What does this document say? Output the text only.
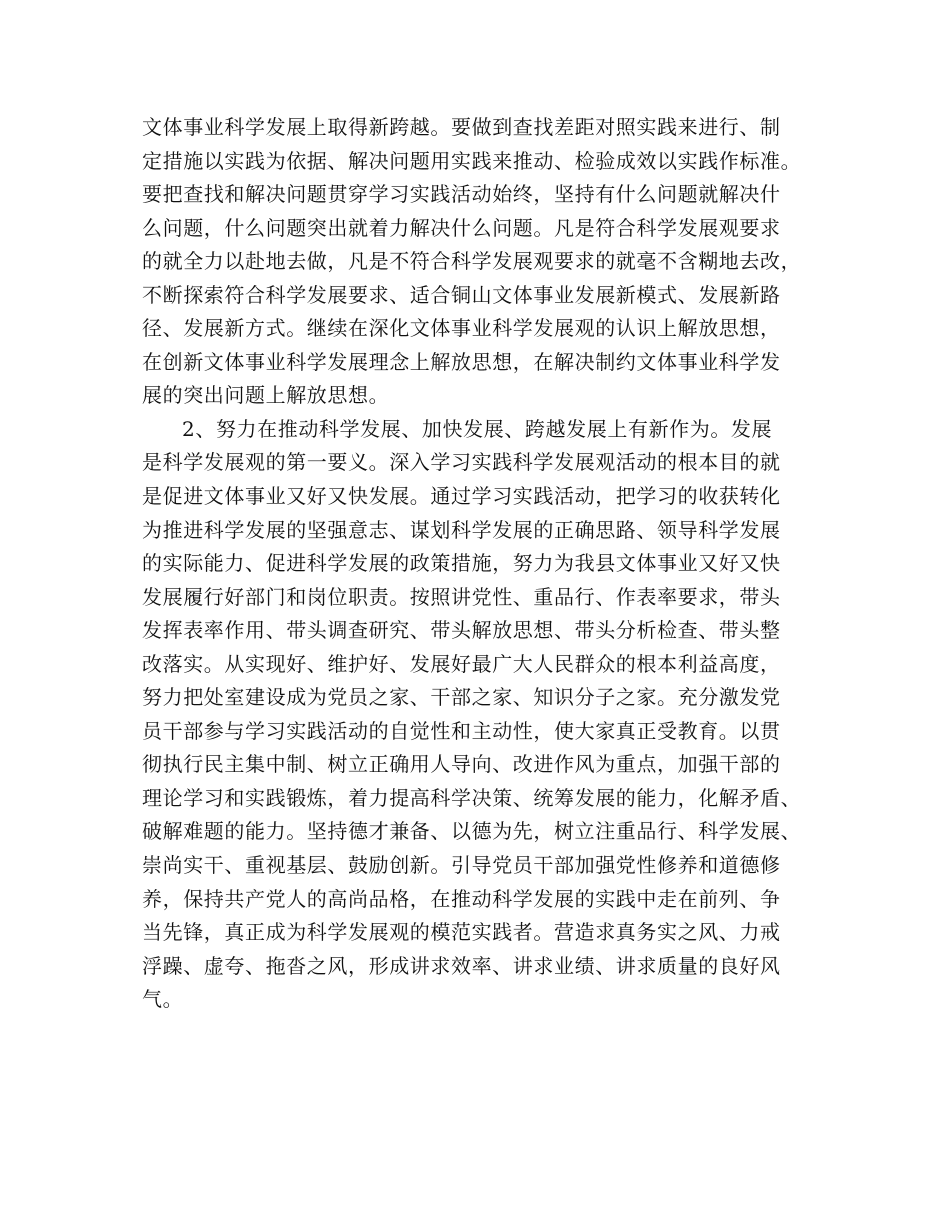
文体事业科学发展上取得新跨越。要做到查找差距对照实践来进行、制
定措施以实践为依据、解决问题用实践来推动、检验成效以实践作标准。
要把查找和解决问题贯穿学习实践活动始终，坚持有什么问题就解决什
么问题，什么问题突出就着力解决什么问题。凡是符合科学发展观要求
的就全力以赴地去做，凡是不符合科学发展观要求的就毫不含糊地去改，
不断探索符合科学发展要求、适合铜山文体事业发展新模式、发展新路
径、发展新方式。继续在深化文体事业科学发展观的认识上解放思想，
在创新文体事业科学发展理念上解放思想，在解决制约文体事业科学发
展的突出问题上解放思想。
2、努力在推动科学发展、加快发展、跨越发展上有新作为。发展
是科学发展观的第一要义。深入学习实践科学发展观活动的根本目的就
是促进文体事业又好又快发展。通过学习实践活动，把学习的收获转化
为推进科学发展的坚强意志、谋划科学发展的正确思路、领导科学发展
的实际能力、促进科学发展的政策措施，努力为我县文体事业又好又快
发展履行好部门和岗位职责。按照讲党性、重品行、作表率要求，带头
发挥表率作用、带头调查研究、带头解放思想、带头分析检查、带头整
改落实。从实现好、维护好、发展好最广大人民群众的根本利益高度，
努力把处室建设成为党员之家、干部之家、知识分子之家。充分激发党
员干部参与学习实践活动的自觉性和主动性，使大家真正受教育。以贯
彻执行民主集中制、树立正确用人导向、改进作风为重点，加强干部的
理论学习和实践锻炼，着力提高科学决策、统筹发展的能力，化解矛盾、
破解难题的能力。坚持德才兼备、以德为先，树立注重品行、科学发展、
崇尚实干、重视基层、鼓励创新。引导党员干部加强党性修养和道德修
养，保持共产党人的高尚品格，在推动科学发展的实践中走在前列、争
当先锋，真正成为科学发展观的模范实践者。营造求真务实之风、力戒
浮躁、虚夸、拖沓之风，形成讲求效率、讲求业绩、讲求质量的良好风
气。
